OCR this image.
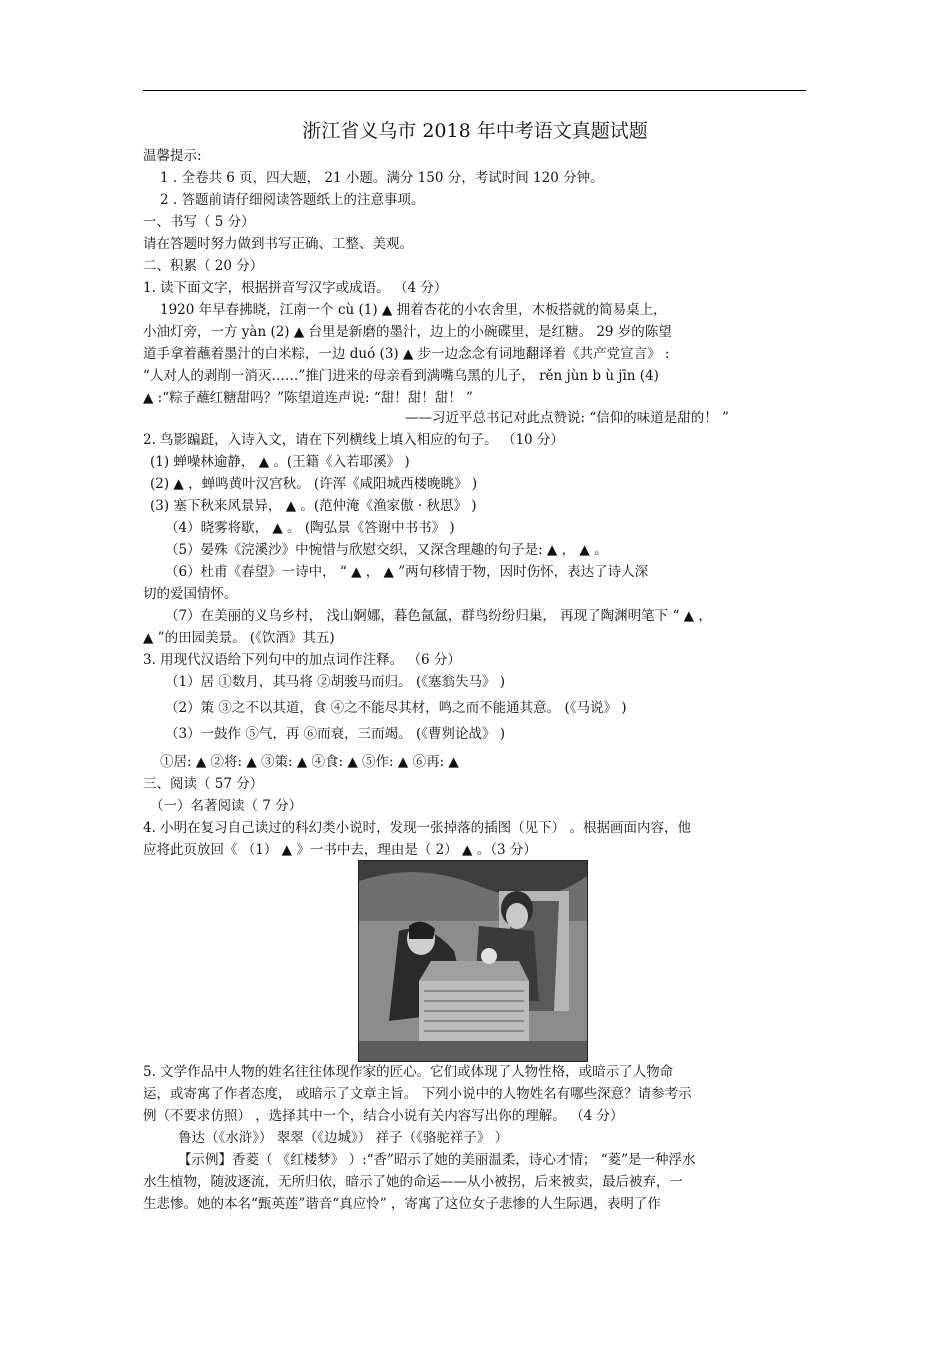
浙江省义乌市 2018 年中考语文真题试题
温馨提示:
1 . 全卷共 6 页，四大题， 21 小题。满分 150 分，考试时间 120 分钟。
2 . 答题前请仔细阅读答题纸上的注意事项。
一、书写（ 5 分）
请在答题时努力做到书写正确、工整、美观。
二、积累（ 20 分）
1. 读下面文字，根据拼音写汉字或成语。 （4 分）
1920 年早春拂晓，江南一个 cù (1) ▲ 拥着杏花的小农舍里，木板搭就的简易桌上，
小油灯旁，一方 yàn (2) ▲ 台里是新磨的墨汁，边上的小碗碟里，是红糖。 29 岁的陈望
道手拿着蘸着墨汁的白米粽，一边 duó (3) ▲ 步一边念念有词地翻译着《共产党宣言》 :
“人对人的剥削一消灭……”推门进来的母亲看到满嘴乌黑的儿子， rěn jùn b ù jīn (4)
▲ :“粽子蘸红糖甜吗？”陈望道连声说: “甜！甜！甜！ ”
——习近平总书记对此点赞说: “信仰的味道是甜的！ ”
2. 鸟影蹁跹，入诗入文，请在下列横线上填入相应的句子。 （10 分）
(1) 蝉噪林逾静， ▲ 。(王籍《入若耶溪》 )
(2) ▲ ，蝉鸣黄叶汉宫秋。 (许浑《咸阳城西楼晚眺》 )
(3) 塞下秋来风景异， ▲ 。(范仲淹《渔家傲 · 秋思》 )
（4）晓雾将歇， ▲ 。 (陶弘景《答谢中书书》 )
（5）晏殊《浣溪沙》中惋惜与欣慰交织，又深含理趣的句子是: ▲ ， ▲ 。
（6）杜甫《春望》一诗中， “ ▲ ， ▲ ”两句移情于物，因时伤怀，表达了诗人深
切的爱国情怀。
（7）在美丽的义乌乡村， 浅山婀娜，暮色氤氲，群鸟纷纷归巢， 再现了陶渊明笔下 “ ▲ ，
▲ ”的田园美景。 (《饮酒》其五)
3. 用现代汉语给下列句中的加点词作注释。 （6 分）
（1）居 ①数月，其马将 ②胡骏马而归。 (《塞翁失马》 )
（2）策 ③之不以其道，食 ④之不能尽其材，鸣之而不能通其意。 (《马说》 )
（3）一鼓作 ⑤气，再 ⑥而衰，三而竭。 (《曹刿论战》 )
①居: ▲ ②将: ▲ ③策: ▲ ④食: ▲ ⑤作: ▲ ⑥再: ▲
三、阅读（ 57 分）
（一）名著阅读（ 7 分）
4. 小明在复习自己读过的科幻类小说时，发现一张掉落的插图（见下） 。根据画面内容，他
应将此页放回《 （1） ▲ 》一书中去，理由是（ 2） ▲ 。（3 分）
5. 文学作品中人物的姓名往往体现作家的匠心。它们或体现了人物性格，或暗示了人物命
运，或寄寓了作者态度， 或暗示了文章主旨。 下列小说中的人物姓名有哪些深意？请参考示
例（不要求仿照） ，选择其中一个，结合小说有关内容写出你的理解。 （4 分）
鲁达（《水浒》） 翠翠（《边城》） 祥子（《骆驼祥子》 ）
【示例】香菱（ 《红楼梦》 ）:“香”昭示了她的美丽温柔，诗心才情； “菱”是一种浮水
水生植物，随波逐流，无所归依，暗示了她的命运——从小被拐，后来被卖，最后被弃，一
生悲惨。她的本名“甄英莲”谐音“真应怜” ，寄寓了这位女子悲惨的人生际遇，表明了作
